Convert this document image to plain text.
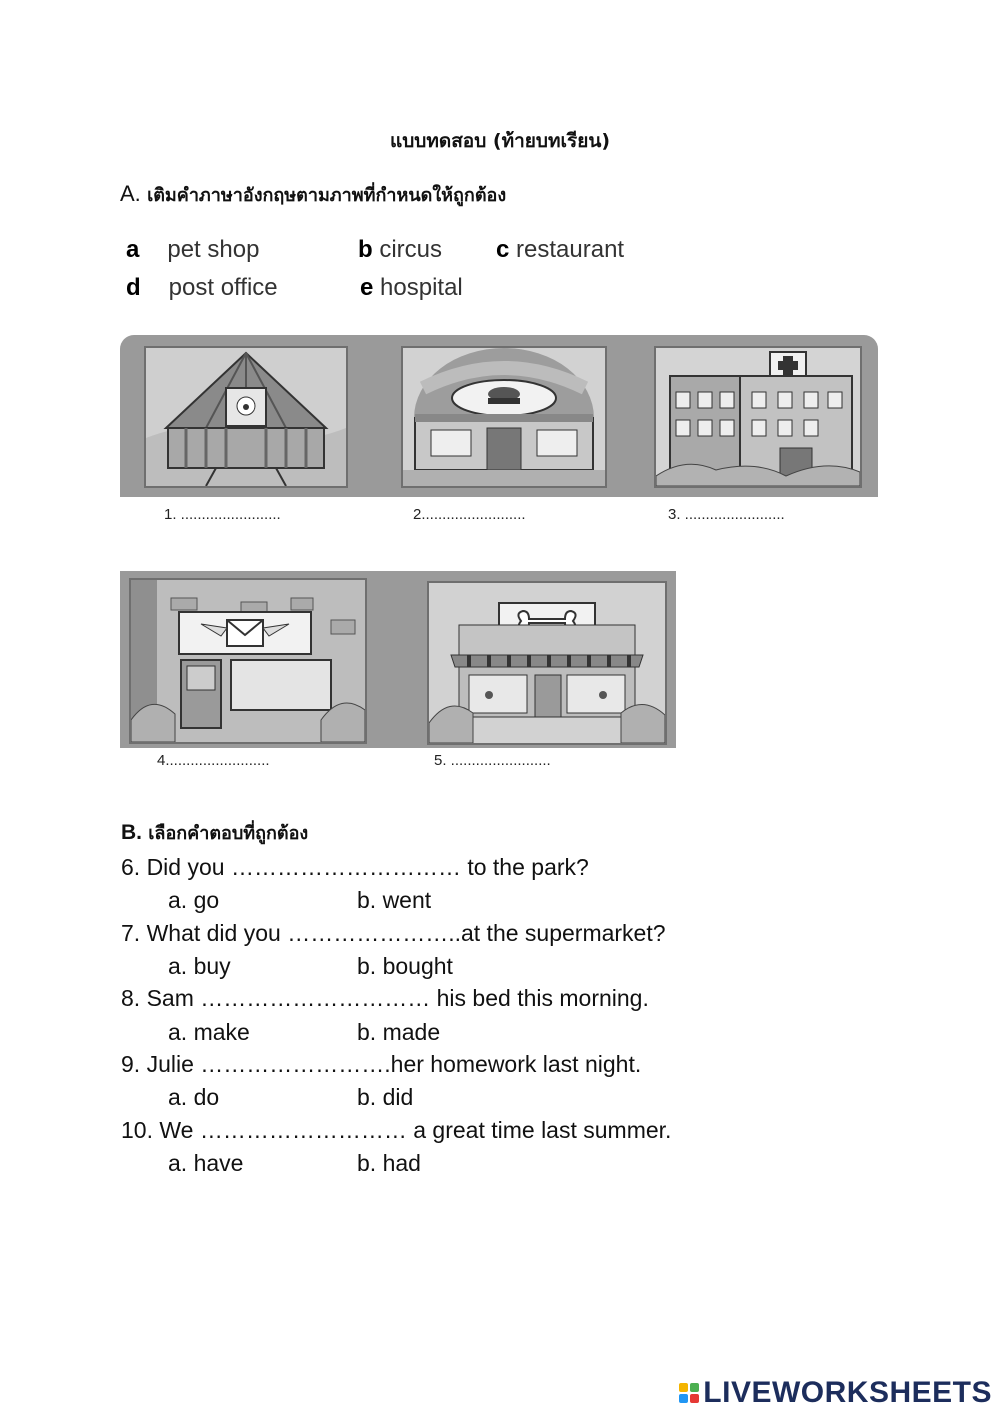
แบบทดสอบ (ท้ายบทเรียน)
A. เติมคำภาษาอังกฤษตามภาพที่กำหนดให้ถูกต้อง
a pet shop	b circus c restaurant
d post office	e hospital
1. ........................	2.........................	3. ........................
4.........................	5. ........................
B. เลือกคำตอบที่ถูกต้อง
6. Did you ………………………… to the park?
a. go	b. went
7. What did you …………………..at the supermarket?
a. buy	b. bought
8. Sam ………………………… his bed this morning.
a. make	b. made
9. Julie …………………….her homework last night.
a. do	b. did
10. We ……………………… a great time last summer.
a. have	b. had
LIVEWORKSHEETS
